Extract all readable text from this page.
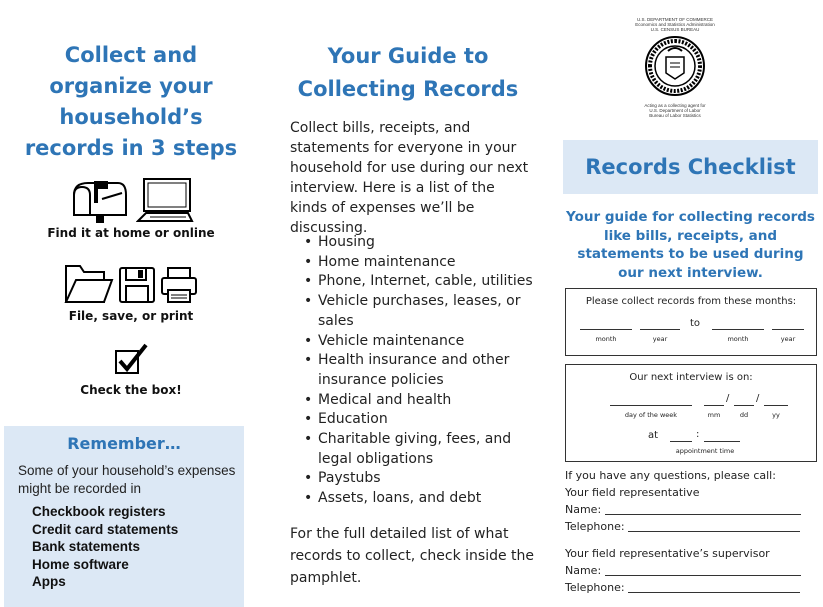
Collect and
organize your
household’s
records in 3 steps
Find it at home or online
File, save, or print
Check the box!
Remember…
Some of your household’s expenses might be recorded in
Checkbook registers
Credit card statements
Bank statements
Home software
Apps
Your Guide to
Collecting Records
Collect bills, receipts, and statements for everyone in your household for use during our next interview. Here is a list of the kinds of expenses we’ll be discussing.
• Housing
• Home maintenance
• Phone, Internet, cable, utilities
• Vehicle purchases, leases, or sales
• Vehicle maintenance
• Health insurance and other insurance policies
• Medical and health
• Education
• Charitable giving, fees, and legal obligations
• Paystubs
• Assets, loans, and debt
For the full detailed list of what records to collect, check inside the pamphlet.
U.S. DEPARTMENT OF COMMERCE
Economics and Statistics Administration
U.S. CENSUS BUREAU
Acting as a collecting agent for
U.S. Department of Labor
Bureau of Labor Statistics
Records Checklist
Your guide for collecting records like bills, receipts, and statements to be used during our next interview.
Please collect records from these months:
to
month	year	month	year
Our next interview is on:
/	/
day of the week	mm	dd	yy
at	:
appointment time
If you have any questions, please call:
Your field representative
Name:
Telephone:
Your field representative’s supervisor
Name:
Telephone:
